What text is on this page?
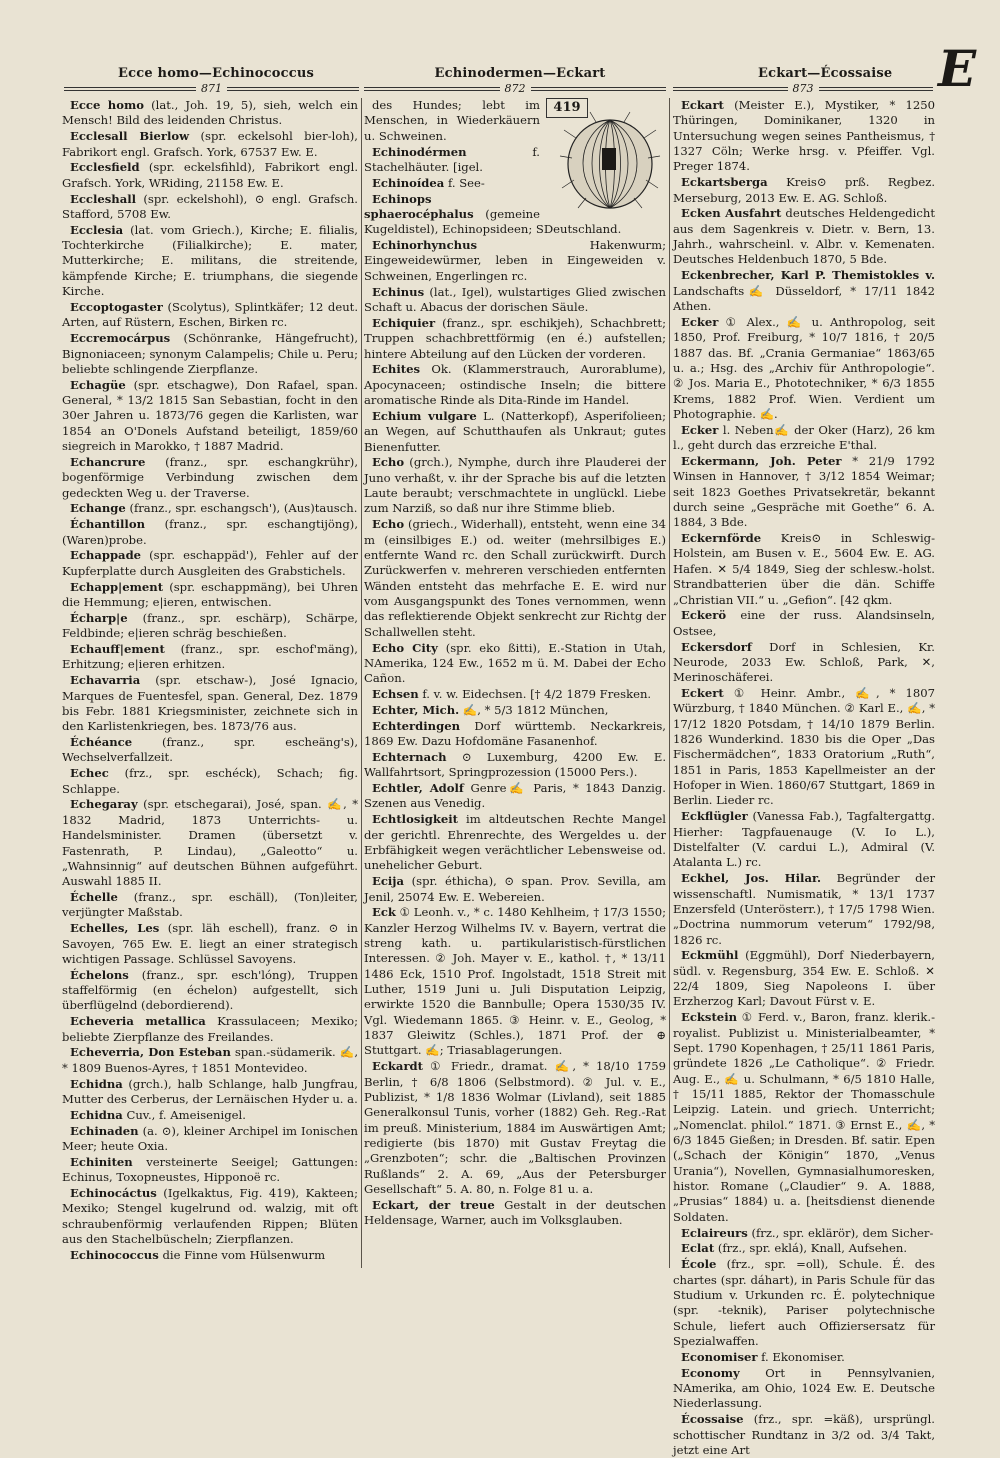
Ecce homo—Echinococcus	Echinodermen—Eckart	Eckart—Écossaise E
871	872	873

Ecce homo (lat., Joh. 19, 5), sieh, welch ein Mensch! Bild des leidenden Christus.

Ecclesall Bierlow (spr. eckelsohl bier-loh), Fabrikort engl. Grafsch. York, 67537 Ew. E.

Ecclesfield (spr. eckelsfihld), Fabrikort engl. Grafsch. York, WRiding, 21158 Ew. E.

Eccleshall (spr. eckelshohl), ⊙ engl. Grafsch. Stafford, 5708 Ew.

Ecclesia (lat. vom Griech.), Kirche; E. filialis, Tochterkirche (Filialkirche); E. mater, Mutterkirche; E. militans, die streitende, kämpfende Kirche; E. triumphans, die siegende Kirche.

Eccoptogaster (Scolytus), Splintkäfer; 12 deut. Arten, auf Rüstern, Eschen, Birken rc.

Eccremocárpus (Schönranke, Hängefrucht), Bignoniaceen; synonym Calampelis; Chile u. Peru; beliebte schlingende Zierpflanze.

Echagüe (spr. etschagwe), Don Rafael, span. General, * 13/2 1815 San Sebastian, focht in den 30er Jahren u. 1873/76 gegen die Karlisten, war 1854 an O'Donels Aufstand beteiligt, 1859/60 siegreich in Marokko, † 1887 Madrid.

Echancrure (franz., spr. eschangkrühr), bogenförmige Verbindung zwischen dem gedeckten Weg u. der Traverse.

Echange (franz., spr. eschangsch'), (Aus)tausch.

Échantillon (franz., spr. eschangtijöng), (Waren)probe.

Echappade (spr. eschappäd'), Fehler auf der Kupferplatte durch Ausgleiten des Grabstichels.

Echapp|ement (spr. eschappmäng), bei Uhren die Hemmung; e|ieren, entwischen.

Écharp|e (franz., spr. eschärp), Schärpe, Feldbinde; e|ieren schräg beschießen.

Echauff|ement (franz., spr. eschof'mäng), Erhitzung; e|ieren erhitzen.

Echavarria (spr. etschaw-), José Ignacio, Marques de Fuentesfel, span. General, Dez. 1879 bis Febr. 1881 Kriegsminister, zeichnete sich in den Karlistenkriegen, bes. 1873/76 aus.

Échéance	(franz., spr. escheäng's), Wechselverfallzeit.

Echec (frz., spr. eschéck), Schach; fig. Schlappe.

Echegaray (spr. etschegarai), José, span. ✍, * 1832 Madrid, 1873 Unterrichts- u. Handelsminister. Dramen (übersetzt v. Fastenrath, P. Lindau), „Galeotto“ u. „Wahnsinnig“ auf deutschen Bühnen aufgeführt. Auswahl 1885 II.

Échelle (franz., spr. eschäll), (Ton)leiter, verjüngter Maßstab.

Echelles, Les (spr. läh eschell), franz. ⊙ in Savoyen, 765 Ew. E. liegt an einer strategisch wichtigen Passage. Schlüssel Savoyens.

Échelons (franz., spr. esch'lóng), Truppen staffelförmig (en échelon) aufgestellt, sich überflügelnd (debordierend).

Echeveria metallica Krassulaceen; Mexiko; beliebte Zierpflanze des Freilandes.

Echeverria, Don Esteban span.-südamerik. ✍, * 1809 Buenos-Ayres, † 1851 Montevideo.

Echidna (grch.), halb Schlange, halb Jungfrau, Mutter des Cerberus, der Lernäischen Hyder u. a.

Echidna Cuv., f. Ameisenigel.

Echinaden (a. ⊙), kleiner Archipel im Ionischen Meer; heute Oxia.

Echiniten versteinerte Seeigel; Gattungen: Echinus, Toxopneustes, Hipponoë rc.

Echinocáctus (Igelkaktus, Fig. 419), Kakteen; Mexiko; Stengel kugelrund od. walzig, mit oft schraubenförmig verlaufenden Rippen; Blüten aus den Stachelbüscheln; Zierpflanzen.

Echinococcus die Finne vom Hülsenwurm

419

des Hundes; lebt im Menschen, in Wiederkäuern u. Schweinen.

Echinodérmen	f. Stachelhäuter. [igel.

Echinoídea f. See-

Echinops sphaerocéphalus (gemeine Kugeldistel), Echinopsideen; SDeutschland.

Echinorhynchus	Hakenwurm; Eingeweidewürmer, leben in Eingeweiden v. Schweinen, Engerlingen rc.

Echinus (lat., Igel), wulstartiges Glied zwischen Schaft u. Abacus der dorischen Säule.

Echiquier (franz., spr. eschikjeh), Schachbrett; Truppen schachbrettförmig (en é.) aufstellen; hintere Abteilung auf den Lücken der vorderen.

Echites Ok. (Klammerstrauch, Aurorablume), Apocynaceen; ostindische Inseln; die bittere aromatische Rinde als Dita-Rinde im Handel.

Echium vulgare L. (Natterkopf), Asperifolieen; an Wegen, auf Schutthaufen als Unkraut; gutes Bienenfutter.

Echo (grch.), Nymphe, durch ihre Plauderei der Juno verhaßt, v. ihr der Sprache bis auf die letzten Laute beraubt; verschmachtete in unglückl. Liebe zum Narziß, so daß nur ihre Stimme blieb.

Echo (griech., Widerhall), entsteht, wenn eine 34 m (einsilbiges E.) od. weiter (mehrsilbiges E.) entfernte Wand rc. den Schall zurückwirft. Durch Zurückwerfen v. mehreren verschieden entfernten Wänden entsteht das mehrfache E. E. wird nur vom Ausgangspunkt des Tones vernommen, wenn das reflektierende Objekt senkrecht zur Richtg der Schallwellen steht.

Echo City (spr. eko ßitti), E.-Station in Utah, NAmerika, 124 Ew., 1652 m ü. M. Dabei der Echo Cañon.

Echsen f. v. w. Eidechsen. [† 4/2 1879 Fresken.

Echter, Mich. ✍, * 5/3 1812 München,

Echterdingen Dorf württemb. Neckarkreis, 1869 Ew. Dazu Hofdomäne Fasanenhof.

Echternach ⊙ Luxemburg, 4200 Ew. E. Wallfahrtsort, Springprozession (15000 Pers.).

Echtler, Adolf Genre✍ Paris, * 1843 Danzig. Szenen aus Venedig.

Echtlosigkeit im altdeutschen Rechte Mangel der gerichtl. Ehrenrechte, des Wergeldes u. der Erbfähigkeit wegen verächtlicher Lebensweise od. unehelicher Geburt.

Ecija (spr. éthicha), ⊙ span. Prov. Sevilla, am Jenil, 25074 Ew. E. Webereien.

Eck ① Leonh. v., * c. 1480 Kehlheim, † 17/3 1550; Kanzler Herzog Wilhelms IV. v. Bayern, vertrat die streng kath. u. partikularistisch-fürstlichen Interessen. ② Joh. Mayer v. E., kathol. †, * 13/11 1486 Eck, 1510 Prof. Ingolstadt, 1518 Streit mit Luther, 1519 Juni u. Juli Disputation Leipzig, erwirkte 1520 die Bannbulle; Opera 1530/35 IV. Vgl. Wiedemann 1865. ③ Heinr. v. E., Geolog, * 1837 Gleiwitz (Schles.), 1871 Prof. der ⊕ Stuttgart. ✍; Triasablagerungen.

Eckardt ① Friedr., dramat. ✍, * 18/10 1759 Berlin, † 6/8 1806 (Selbstmord). ② Jul. v. E., Publizist, * 1/8 1836 Wolmar (Livland), seit 1885 Generalkonsul Tunis, vorher (1882) Geh. Reg.-Rat im preuß. Ministerium, 1884 im Auswärtigen Amt; redigierte (bis 1870) mit Gustav Freytag die „Grenzboten“; schr. die „Baltischen Provinzen Rußlands“ 2. A. 69, „Aus der Petersburger Gesellschaft“ 5. A. 80, n. Folge 81 u. a.

Eckart, der treue Gestalt in der deutschen Heldensage, Warner, auch im Volksglauben.

Eckart (Meister E.), Mystiker, * 1250 Thüringen, Dominikaner, 1320 in Untersuchung wegen seines Pantheismus, † 1327 Cöln; Werke hrsg. v. Pfeiffer. Vgl. Preger 1874.

Eckartsberga Kreis⊙ prß. Regbez. Merseburg, 2013 Ew. E. AG. Schloß.

Ecken Ausfahrt deutsches Heldengedicht aus dem Sagenkreis v. Dietr. v. Bern, 13. Jahrh., wahrscheinl. v. Albr. v. Kemenaten. Deutsches Heldenbuch 1870, 5 Bde.

Eckenbrecher, Karl P. Themistokles v. Landschafts✍ Düsseldorf, * 17/11 1842 Athen.

Ecker ① Alex., ✍ u. Anthropolog, seit 1850, Prof. Freiburg, * 10/7 1816, † 20/5 1887 das. Bf. „Crania Germaniae“ 1863/65 u. a.; Hsg. des „Archiv für Anthropologie“. ② Jos. Maria E., Phototechniker, * 6/3 1855 Krems, 1882 Prof. Wien. Verdient um Photographie. ✍.

Ecker l. Neben✍ der Oker (Harz), 26 km l., geht durch das erzreiche E'thal.

Eckermann, Joh. Peter * 21/9 1792 Winsen in Hannover, † 3/12 1854 Weimar; seit 1823 Goethes Privatsekretär, bekannt durch seine „Gespräche mit Goethe“ 6. A. 1884, 3 Bde.

Eckernförde Kreis⊙ in Schleswig-Holstein, am Busen v. E., 5604 Ew. E. AG. Hafen. ✕ 5/4 1849, Sieg der schlesw.-holst. Strandbatterien über die dän. Schiffe „Christian VII.“ u. „Gefion“. [42 qkm.

Eckerö eine der russ. Alandsinseln, Ostsee,

Eckersdorf Dorf in Schlesien, Kr. Neurode, 2033 Ew. Schloß, Park, ✕, Merinoschäferei.

Eckert ① Heinr. Ambr., ✍, * 1807 Würzburg, † 1840 München. ② Karl E., ✍, * 17/12 1820 Potsdam, † 14/10 1879 Berlin. 1826 Wunderkind. 1830 bis die Oper „Das Fischermädchen“, 1833 Oratorium „Ruth“, 1851 in Paris, 1853 Kapellmeister an der Hofoper in Wien. 1860/67 Stuttgart, 1869 in Berlin. Lieder rc.

Eckflügler (Vanessa Fab.), Tagfaltergattg. Hierher: Tagpfauenauge (V. Io L.), Distelfalter (V. cardui L.), Admiral (V. Atalanta L.) rc.

Eckhel, Jos. Hilar. Begründer der wissenschaftl. Numismatik, * 13/1 1737 Enzersfeld (Unterösterr.), † 17/5 1798 Wien. „Doctrina nummorum veterum“ 1792/98, 1826 rc.

Eckmühl (Eggmühl), Dorf Niederbayern, südl. v. Regensburg, 354 Ew. E. Schloß. ✕ 22/4 1809, Sieg Napoleons I. über Erzherzog Karl; Davout Fürst v. E.

Eckstein ① Ferd. v., Baron, franz. klerik.-royalist. Publizist u. Ministerialbeamter, * Sept. 1790 Kopenhagen, † 25/11 1861 Paris, gründete 1826 „Le Catholique“. ② Friedr. Aug. E., ✍ u. Schulmann, * 6/5 1810 Halle, † 15/11 1885, Rektor der Thomasschule Leipzig. Latein. und griech. Unterricht; „Nomenclat. philol.“ 1871. ③ Ernst E., ✍, * 6/3 1845 Gießen; in Dresden. Bf. satir. Epen („Schach der Königin“ 1870, „Venus Urania“), Novellen, Gymnasialhumoresken, histor. Romane („Claudier“ 9. A. 1888, „Prusias“ 1884) u. a. [heitsdienst dienende Soldaten.

Eclaireurs (frz., spr. eklärör), dem Sicher-

Eclat (frz., spr. eklá), Knall, Aufsehen.

École (frz., spr. =oll), Schule. É. des chartes (spr. dáhart), in Paris Schule für das Studium v. Urkunden rc. É. polytechnique (spr. -teknik), Pariser polytechnische Schule, liefert auch Offiziersersatz für Spezialwaffen.

Economiser f. Ekonomiser.

Economy Ort in Pennsylvanien, NAmerika, am Ohio, 1024 Ew. E. Deutsche Niederlassung.

Écossaise (frz., spr. =käß), ursprüngl. schottischer Rundtanz in 3/2 od. 3/4 Takt, jetzt eine Art
